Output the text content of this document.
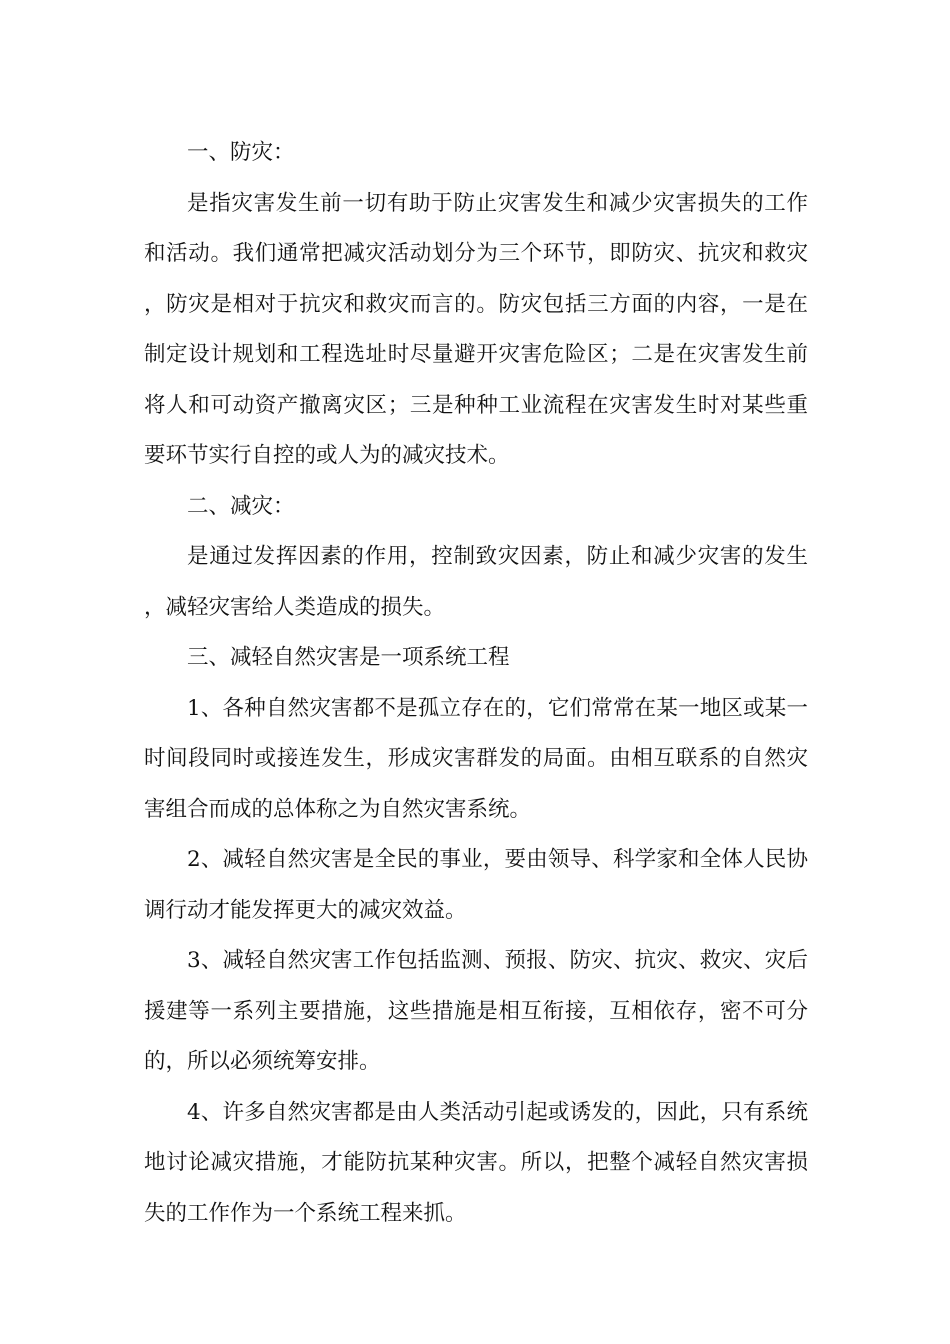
一、防灾：

是指灾害发生前一切有助于防止灾害发生和减少灾害损失的工作和活动。我们通常把减灾活动划分为三个环节，即防灾、抗灾和救灾，防灾是相对于抗灾和救灾而言的。防灾包括三方面的内容，一是在制定设计规划和工程选址时尽量避开灾害危险区；二是在灾害发生前将人和可动资产撤离灾区；三是种种工业流程在灾害发生时对某些重要环节实行自控的或人为的减灾技术。

二、减灾：

是通过发挥因素的作用，控制致灾因素，防止和减少灾害的发生，减轻灾害给人类造成的损失。

三、减轻自然灾害是一项系统工程

1、各种自然灾害都不是孤立存在的，它们常常在某一地区或某一时间段同时或接连发生，形成灾害群发的局面。由相互联系的自然灾害组合而成的总体称之为自然灾害系统。

2、减轻自然灾害是全民的事业，要由领导、科学家和全体人民协调行动才能发挥更大的减灾效益。

3、减轻自然灾害工作包括监测、预报、防灾、抗灾、救灾、灾后援建等一系列主要措施，这些措施是相互衔接，互相依存，密不可分的，所以必须统筹安排。

4、许多自然灾害都是由人类活动引起或诱发的，因此，只有系统地讨论减灾措施，才能防抗某种灾害。所以，把整个减轻自然灾害损失的工作作为一个系统工程来抓。
